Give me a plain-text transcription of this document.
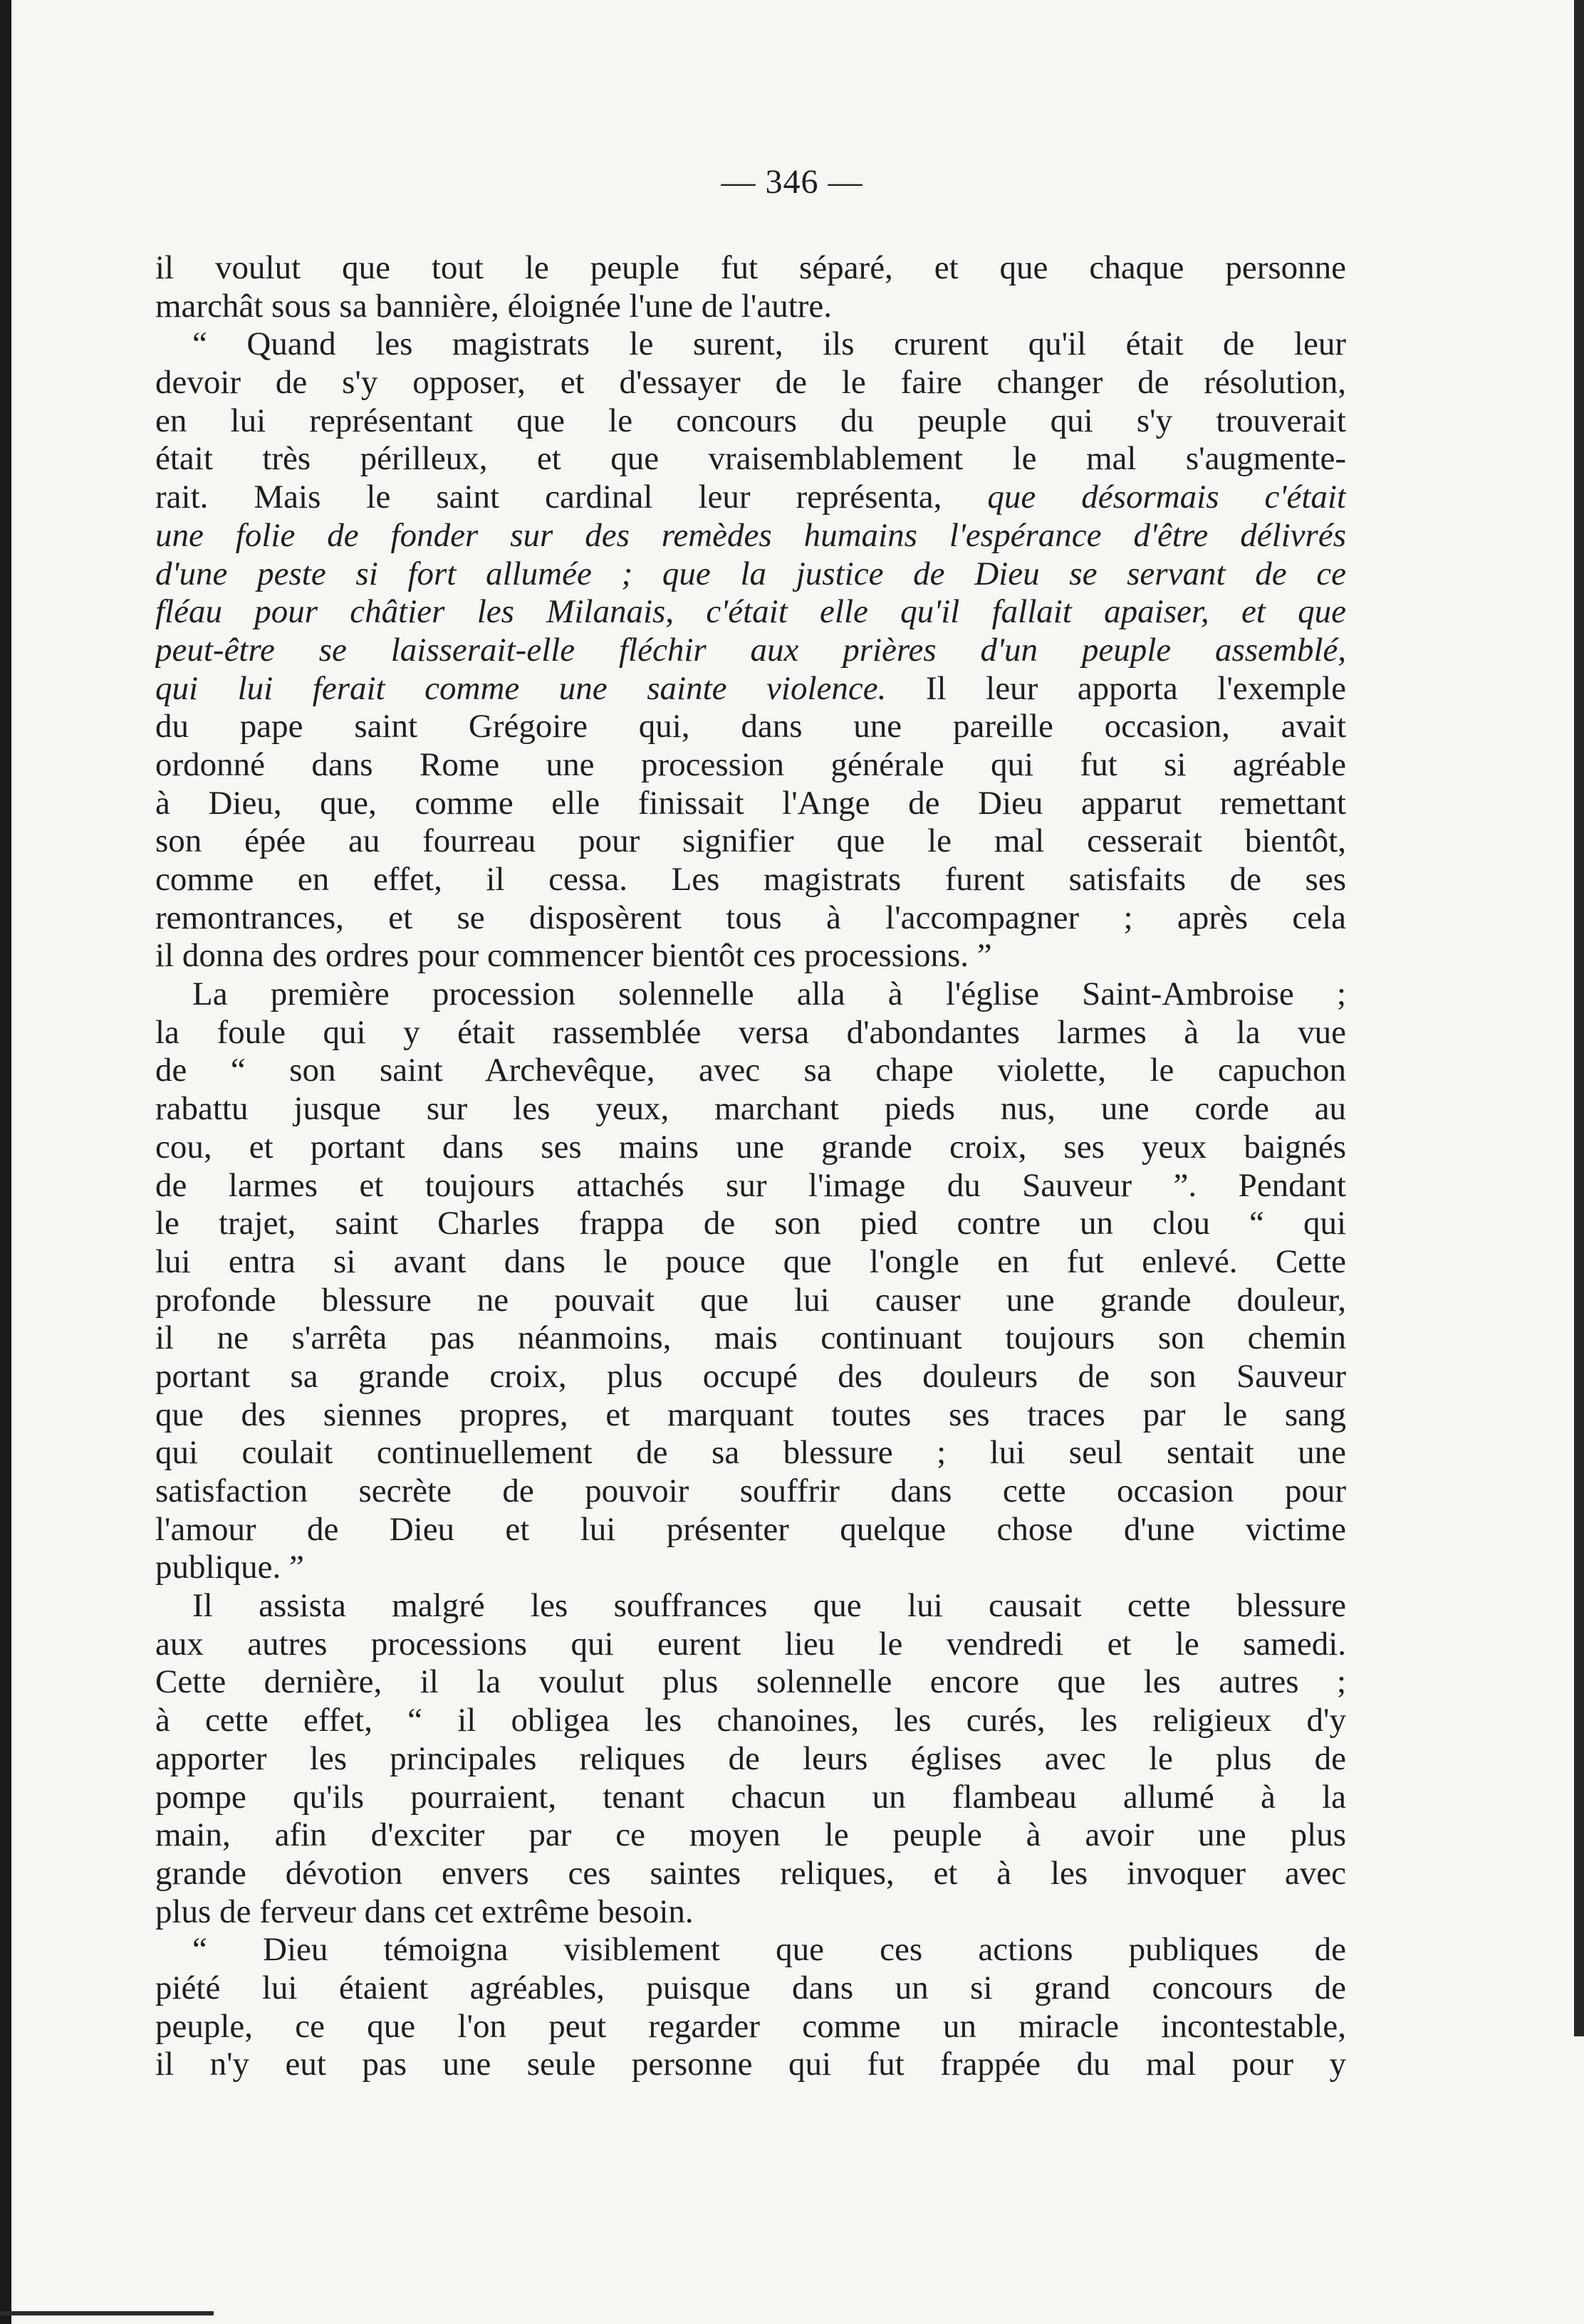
— 346 —
il voulut que tout le peuple fut séparé, et que chaque personne
marchât sous sa bannière, éloignée l'une de l'autre.
“ Quand les magistrats le surent, ils crurent qu'il était de leur
devoir de s'y opposer, et d'essayer de le faire changer de résolution,
en lui représentant que le concours du peuple qui s'y trouverait
était très périlleux, et que vraisemblablement le mal s'augmente-
rait. Mais le saint cardinal leur représenta, que désormais c'était
une folie de fonder sur des remèdes humains l'espérance d'être délivrés
d'une peste si fort allumée ; que la justice de Dieu se servant de ce
fléau pour châtier les Milanais, c'était elle qu'il fallait apaiser, et que
peut-être se laisserait-elle fléchir aux prières d'un peuple assemblé,
qui lui ferait comme une sainte violence. Il leur apporta l'exemple
du pape saint Grégoire qui, dans une pareille occasion, avait
ordonné dans Rome une procession générale qui fut si agréable
à Dieu, que, comme elle finissait l'Ange de Dieu apparut remettant
son épée au fourreau pour signifier que le mal cesserait bientôt,
comme en effet, il cessa. Les magistrats furent satisfaits de ses
remontrances, et se disposèrent tous à l'accompagner ; après cela
il donna des ordres pour commencer bientôt ces processions. ”
La première procession solennelle alla à l'église Saint-Ambroise ;
la foule qui y était rassemblée versa d'abondantes larmes à la vue
de “ son saint Archevêque, avec sa chape violette, le capuchon
rabattu jusque sur les yeux, marchant pieds nus, une corde au
cou, et portant dans ses mains une grande croix, ses yeux baignés
de larmes et toujours attachés sur l'image du Sauveur ”. Pendant
le trajet, saint Charles frappa de son pied contre un clou “ qui
lui entra si avant dans le pouce que l'ongle en fut enlevé. Cette
profonde blessure ne pouvait que lui causer une grande douleur,
il ne s'arrêta pas néanmoins, mais continuant toujours son chemin
portant sa grande croix, plus occupé des douleurs de son Sauveur
que des siennes propres, et marquant toutes ses traces par le sang
qui coulait continuellement de sa blessure ; lui seul sentait une
satisfaction secrète de pouvoir souffrir dans cette occasion pour
l'amour de Dieu et lui présenter quelque chose d'une victime
publique. ”
Il assista malgré les souffrances que lui causait cette blessure
aux autres processions qui eurent lieu le vendredi et le samedi.
Cette dernière, il la voulut plus solennelle encore que les autres ;
à cette effet, “ il obligea les chanoines, les curés, les religieux d'y
apporter les principales reliques de leurs églises avec le plus de
pompe qu'ils pourraient, tenant chacun un flambeau allumé à la
main, afin d'exciter par ce moyen le peuple à avoir une plus
grande dévotion envers ces saintes reliques, et à les invoquer avec
plus de ferveur dans cet extrême besoin.
“ Dieu témoigna visiblement que ces actions publiques de
piété lui étaient agréables, puisque dans un si grand concours de
peuple, ce que l'on peut regarder comme un miracle incontestable,
il n'y eut pas une seule personne qui fut frappée du mal pour y
